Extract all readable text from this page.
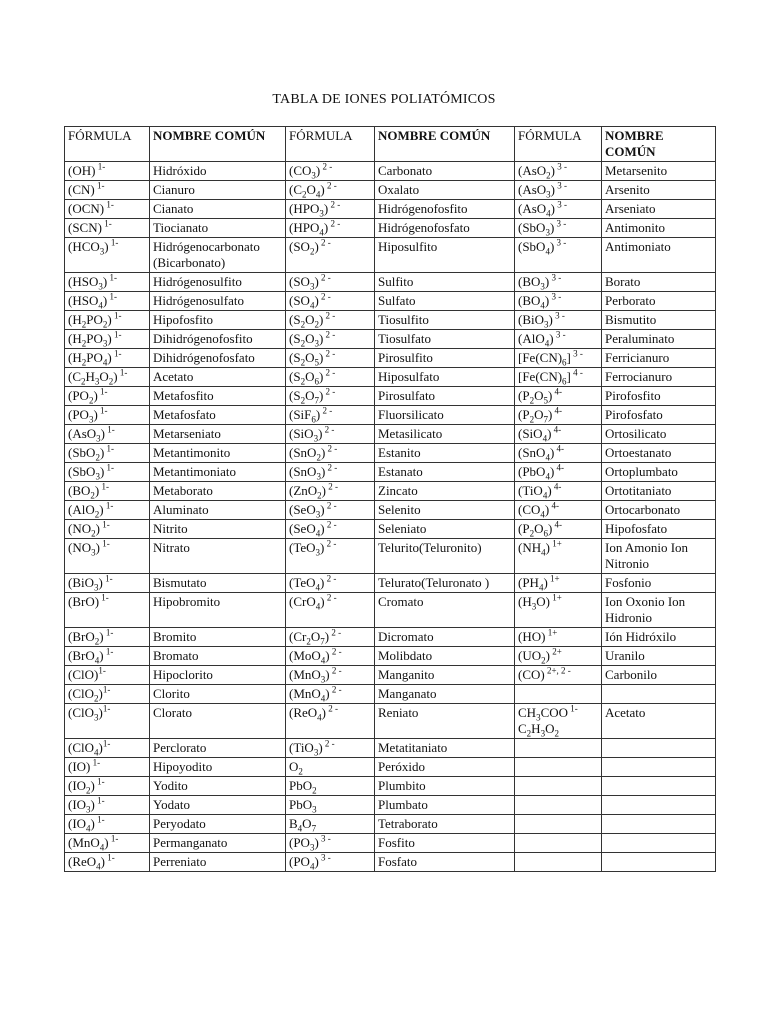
TABLA DE IONES POLIATÓMICOS
FÓRMULA	NOMBRE COMÚN	FÓRMULA	NOMBRE COMÚN	FÓRMULA	NOMBRE COMÚN
(OH) $^{1-}$	Hidróxido	$(CO_3)$ $^{2 -}$	Carbonato	(AsO$_2$) $^{3 -}$	Metarsenito
(CN) $^{1-}$	Cianuro	$(C_2O_4)$ $^{2 -}$	Oxalato	(AsO$_3$) $^{3 -}$	Arsenito
(OCN) $^{1-}$	Cianato	$(HPO_3)$ $^{2 -}$	Hidrógenofosfito	(AsO$_4$) $^{3 -}$	Arseniato
(SCN) $^{1-}$	Tiocianato	$(HPO_4)$ $^{2 -}$	Hidrógenofosfato	(SbO$_3$) $^{3 -}$	Antimonito
$(HCO_3)$ $^{1-}$	Hidrógenocarbonato (Bicarbonato)	$(SO_2)$ $^{2 -}$	Hiposulfito	(SbO$_4$) $^{3 -}$	Antimoniato
$(HSO_3)$ $^{1-}$	Hidrógenosulfito	$(SO_3)$ $^{2 -}$	Sulfito	$(BO_3)$ $^{3 -}$	Borato
$(HSO_4)$ $^{1-}$	Hidrógenosulfato	$(SO_4)$ $^{2 -}$	Sulfato	$(BO_4)$ $^{3 -}$	Perborato
$(H_2PO_2)$ $^{1-}$	Hipofosfito	$(S_2O_2)$ $^{2 -}$	Tiosulfito	(BiO$_3$) $^{3 -}$	Bismutito
$(H_2PO_3)$ $^{1-}$	Dihidrógenofosfito	$(S_2O_3)$ $^{2 -}$	Tiosulfato	(AlO$_4$) $^{3 -}$	Peraluminato
$(H_2PO_4)$ $^{1-}$	Dihidrógenofosfato	$(S_2O_5)$ $^{2 -}$	Pirosulfito	$[Fe(CN)_6]$ $^{3 -}$	Ferricianuro
$(C_2H_3O_2)$ $^{1-}$	Acetato	$(S_2O_6)$ $^{2 -}$	Hiposulfato	$[Fe(CN)_6]$ $^{4 -}$	Ferrocianuro
$(PO_2)$ $^{1-}$	Metafosfito	$(S_2O_7)$ $^{2 -}$	Pirosulfato	$(P_2O_5)$ $^{4-}$	Pirofosfito
$(PO_3)$ $^{1-}$	Metafosfato	(SiF$_6$) $^{2 -}$	Fluorsilicato	$(P_2O_7)$ $^{4-}$	Pirofosfato
(AsO$_3$) $^{1-}$	Metarseniato	(SiO$_3$) $^{2 -}$	Metasilicato	(SiO$_4$) $^{4-}$	Ortosilicato
(SbO$_2$) $^{1-}$	Metantimonito	(SnO$_2$) $^{2 -}$	Estanito	(SnO$_4$) $^{4-}$	Ortoestanato
(SbO$_3$) $^{1-}$	Metantimoniato	(SnO$_3$) $^{2 -}$	Estanato	(PbO$_4$) $^{4-}$	Ortoplumbato
$(BO_2)$ $^{1-}$	Metaborato	(ZnO$_2$) $^{2 -}$	Zincato	(TiO$_4$) $^{4-}$	Ortotitaniato
(AlO$_2$) $^{1-}$	Aluminato	(SeO$_3$) $^{2 -}$	Selenito	$(CO_4)$ $^{4-}$	Ortocarbonato
$(NO_2)$ $^{1-}$	Nitrito	(SeO$_4$) $^{2 -}$	Seleniato	$(P_2O_6)$ $^{4-}$	Hipofosfato
$(NO_3)$ $^{1-}$	Nitrato	(TeO$_3$) $^{2 -}$	Telurito(Teluronito)	$(NH_4)$ $^{1+}$	Ion Amonio Ion Nitronio
(BiO$_3$) $^{1-}$	Bismutato	(TeO$_4$) $^{2 -}$	Telurato(Teluronato )	$(PH_4)$ $^{1+}$	Fosfonio
(BrO) $^{1-}$	Hipobromito	(CrO$_4$) $^{2 -}$	Cromato	$(H_3O)$ $^{1+}$	Ion Oxonio Ion Hidronio
(BrO$_2$) $^{1-}$	Bromito	$(Cr_2O_7)$ $^{2 -}$	Dicromato	(HO) $^{1+}$	Ión Hidróxilo
(BrO$_4$) $^{1-}$	Bromato	(MoO$_4$) $^{2 -}$	Molibdato	$(UO_2)$ $^{2+}$	Uranilo
(ClO)$^{1-}$	Hipoclorito	(MnO$_3$) $^{2 -}$	Manganito	(CO) $^{2+, 2 -}$	Carbonilo
$(ClO_2)^{1-}$	Clorito	(MnO$_4$) $^{2 -}$	Manganato		
$(ClO_3)^{1-}$	Clorato	(ReO$_4$) $^{2 -}$	Reniato	$CH_3COO$ $^{1-}$ $C_2H_3O_2$	Acetato
$(ClO_4)^{1-}$	Perclorato	(TiO$_3$) $^{2 -}$	Metatitaniato		
(IO) $^{1-}$	Hipoyodito	$O_2$	Peróxido		
$(IO_2)$ $^{1-}$	Yodito	PbO$_2$	Plumbito		
$(IO_3)$ $^{1-}$	Yodato	PbO$_3$	Plumbato		
$(IO_4)$ $^{1-}$	Peryodato	$B_4O_7$	Tetraborato		
(MnO$_4$) $^{1-}$	Permanganato	$(PO_3)$ $^{3 -}$	Fosfito		
(ReO$_4$) $^{1-}$	Perreniato	$(PO_4)$ $^{3 -}$	Fosfato		
